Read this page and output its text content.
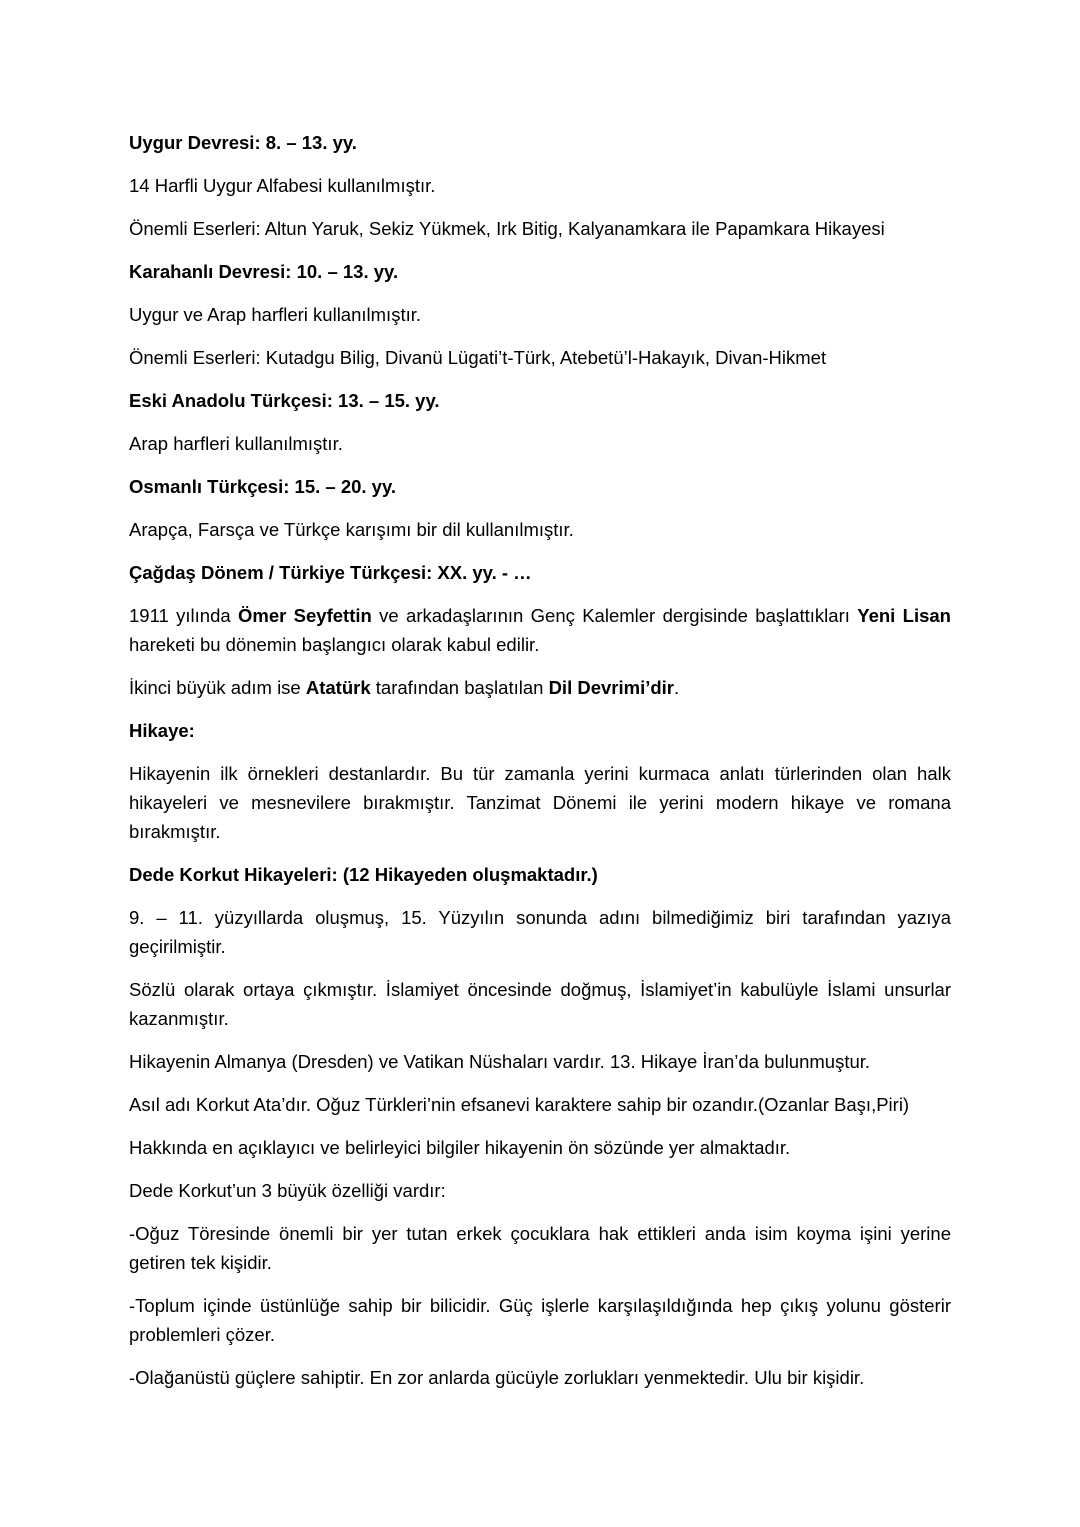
Uygur Devresi: 8. – 13. yy.

14 Harfli Uygur Alfabesi kullanılmıştır.

Önemli Eserleri: Altun Yaruk, Sekiz Yükmek, Irk Bitig, Kalyanamkara ile Papamkara Hikayesi

Karahanlı Devresi: 10. – 13. yy.

Uygur ve Arap harfleri kullanılmıştır.

Önemli Eserleri: Kutadgu Bilig, Divanü Lügati’t-Türk, Atebetü’l-Hakayık, Divan-Hikmet

Eski Anadolu Türkçesi: 13. – 15. yy.

Arap harfleri kullanılmıştır.

Osmanlı Türkçesi: 15. – 20. yy.

Arapça, Farsça ve Türkçe karışımı bir dil kullanılmıştır.

Çağdaş Dönem / Türkiye Türkçesi: XX. yy. - …

1911 yılında Ömer Seyfettin ve arkadaşlarının Genç Kalemler dergisinde başlattıkları Yeni Lisan hareketi bu dönemin başlangıcı olarak kabul edilir.

İkinci büyük adım ise Atatürk tarafından başlatılan Dil Devrimi’dir.

Hikaye:

Hikayenin ilk örnekleri destanlardır. Bu tür zamanla yerini kurmaca anlatı türlerinden olan halk hikayeleri ve mesnevilere bırakmıştır. Tanzimat Dönemi ile yerini modern hikaye ve romana bırakmıştır.

Dede Korkut Hikayeleri: (12 Hikayeden oluşmaktadır.)

9. – 11. yüzyıllarda oluşmuş, 15. Yüzyılın sonunda adını bilmediğimiz biri tarafından yazıya geçirilmiştir.

Sözlü olarak ortaya çıkmıştır. İslamiyet öncesinde doğmuş, İslamiyet’in kabulüyle İslami unsurlar kazanmıştır.

Hikayenin Almanya (Dresden) ve Vatikan Nüshaları vardır. 13. Hikaye İran’da bulunmuştur.

Asıl adı Korkut Ata’dır. Oğuz Türkleri’nin efsanevi karaktere sahip bir ozandır.(Ozanlar Başı,Piri)

Hakkında en açıklayıcı ve belirleyici bilgiler hikayenin ön sözünde yer almaktadır.

Dede Korkut’un 3 büyük özelliği vardır:

-Oğuz Töresinde önemli bir yer tutan erkek çocuklara hak ettikleri anda isim koyma işini yerine getiren tek kişidir.

-Toplum içinde üstünlüğe sahip bir bilicidir. Güç işlerle karşılaşıldığında hep çıkış yolunu gösterir problemleri çözer.

-Olağanüstü güçlere sahiptir. En zor anlarda gücüyle zorlukları yenmektedir. Ulu bir kişidir.
